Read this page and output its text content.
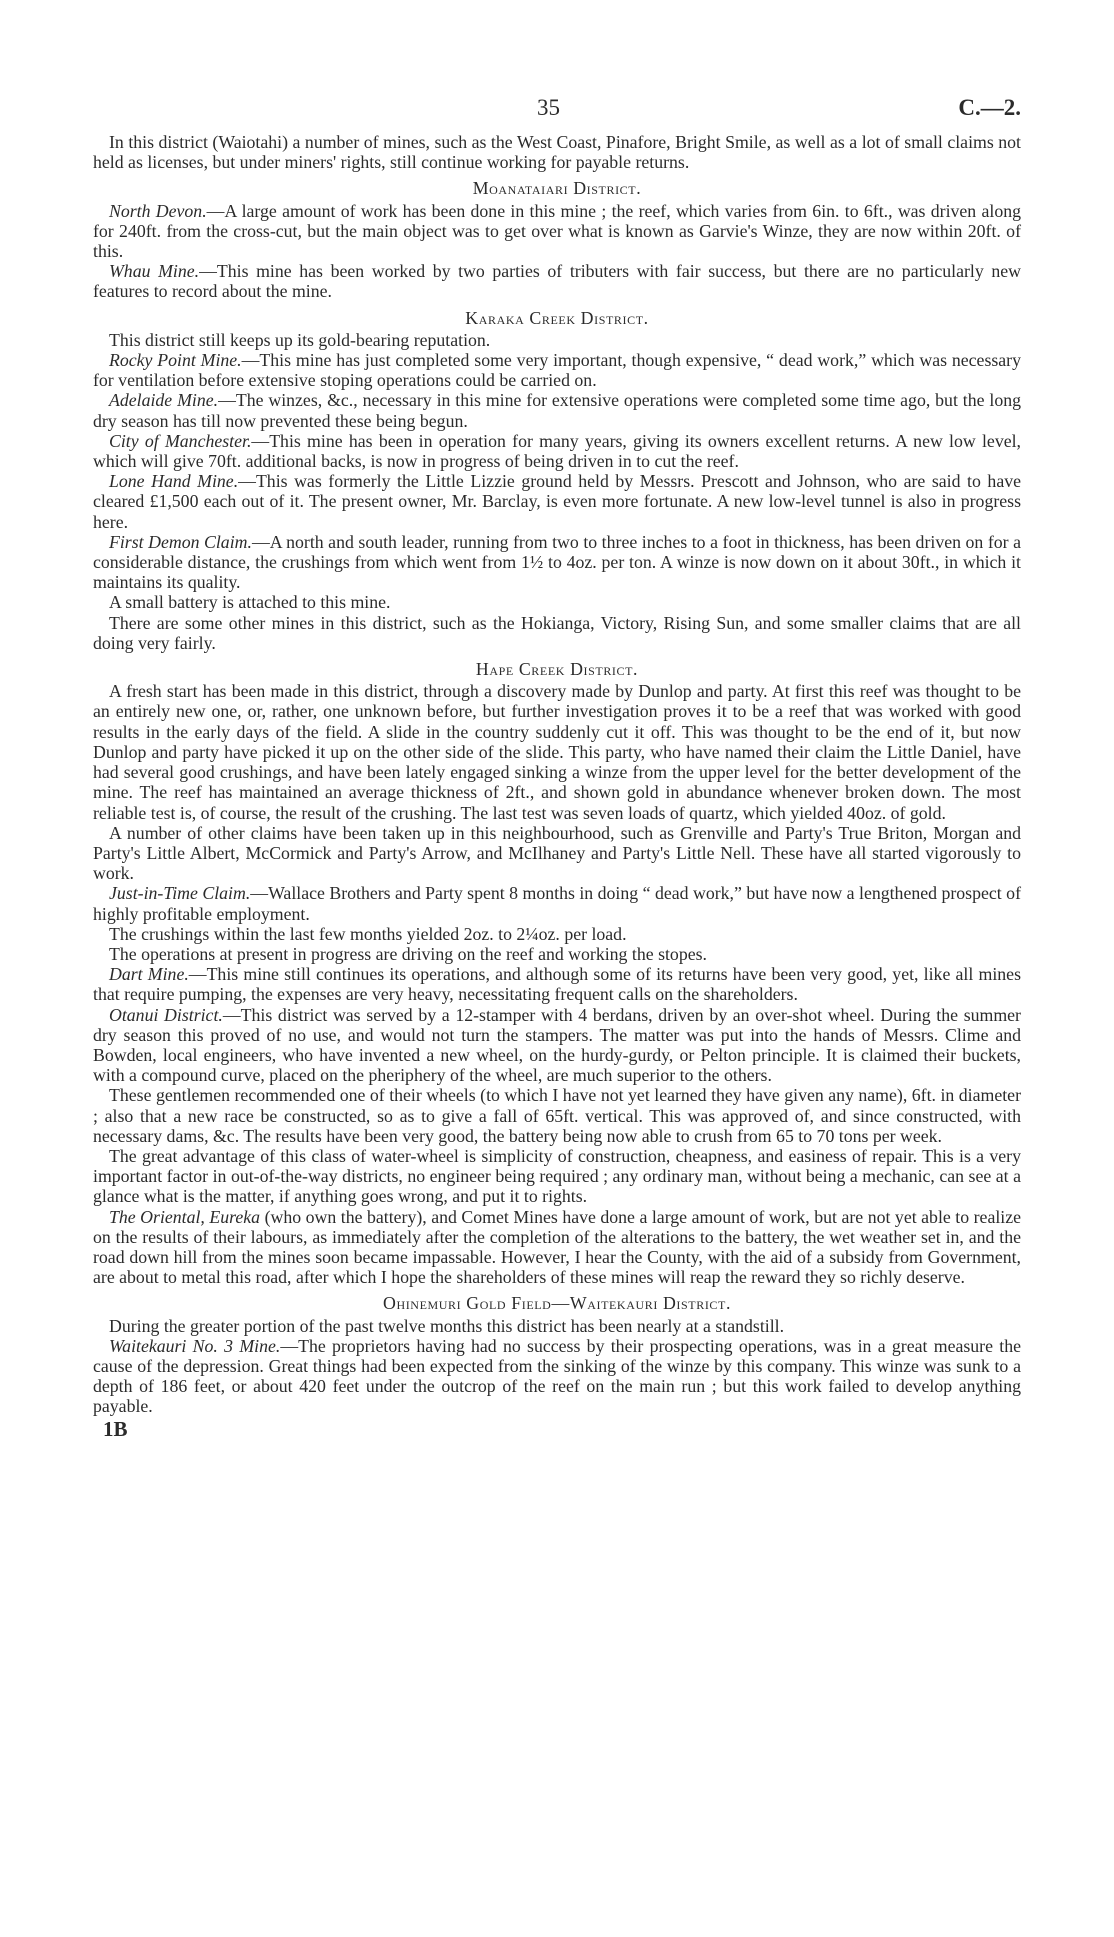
35	C.—2.

In this district (Waiotahi) a number of mines, such as the West Coast, Pinafore, Bright Smile, as well as a lot of small claims not held as licenses, but under miners' rights, still continue working for payable returns.

Moanataiari District.

North Devon.—A large amount of work has been done in this mine ; the reef, which varies from 6in. to 6ft., was driven along for 240ft. from the cross-cut, but the main object was to get over what is known as Garvie's Winze, they are now within 20ft. of this.

Whau Mine.—This mine has been worked by two parties of tributers with fair success, but there are no particularly new features to record about the mine.

Karaka Creek District.

This district still keeps up its gold-bearing reputation.

Rocky Point Mine.—This mine has just completed some very important, though expensive, “ dead work,” which was necessary for ventilation before extensive stoping operations could be carried on.

Adelaide Mine.—The winzes, &c., necessary in this mine for extensive operations were completed some time ago, but the long dry season has till now prevented these being begun.

City of Manchester.—This mine has been in operation for many years, giving its owners excellent returns. A new low level, which will give 70ft. additional backs, is now in progress of being driven in to cut the reef.

Lone Hand Mine.—This was formerly the Little Lizzie ground held by Messrs. Prescott and Johnson, who are said to have cleared £1,500 each out of it. The present owner, Mr. Barclay, is even more fortunate. A new low-level tunnel is also in progress here.

First Demon Claim.—A north and south leader, running from two to three inches to a foot in thickness, has been driven on for a considerable distance, the crushings from which went from 1½ to 4oz. per ton. A winze is now down on it about 30ft., in which it maintains its quality.

A small battery is attached to this mine.

There are some other mines in this district, such as the Hokianga, Victory, Rising Sun, and some smaller claims that are all doing very fairly.

Hape Creek District.

A fresh start has been made in this district, through a discovery made by Dunlop and party. At first this reef was thought to be an entirely new one, or, rather, one unknown before, but further investigation proves it to be a reef that was worked with good results in the early days of the field. A slide in the country suddenly cut it off. This was thought to be the end of it, but now Dunlop and party have picked it up on the other side of the slide. This party, who have named their claim the Little Daniel, have had several good crushings, and have been lately engaged sinking a winze from the upper level for the better development of the mine. The reef has maintained an average thickness of 2ft., and shown gold in abundance whenever broken down. The most reliable test is, of course, the result of the crushing. The last test was seven loads of quartz, which yielded 40oz. of gold.

A number of other claims have been taken up in this neighbourhood, such as Grenville and Party's True Briton, Morgan and Party's Little Albert, McCormick and Party's Arrow, and McIlhaney and Party's Little Nell. These have all started vigorously to work.

Just-in-Time Claim.—Wallace Brothers and Party spent 8 months in doing “ dead work,” but have now a lengthened prospect of highly profitable employment.

The crushings within the last few months yielded 2oz. to 2¼oz. per load.

The operations at present in progress are driving on the reef and working the stopes.

Dart Mine.—This mine still continues its operations, and although some of its returns have been very good, yet, like all mines that require pumping, the expenses are very heavy, necessitating frequent calls on the shareholders.

Otanui District.—This district was served by a 12-stamper with 4 berdans, driven by an over-shot wheel. During the summer dry season this proved of no use, and would not turn the stampers. The matter was put into the hands of Messrs. Clime and Bowden, local engineers, who have invented a new wheel, on the hurdy-gurdy, or Pelton principle. It is claimed their buckets, with a compound curve, placed on the pheriphery of the wheel, are much superior to the others.

These gentlemen recommended one of their wheels (to which I have not yet learned they have given any name), 6ft. in diameter ; also that a new race be constructed, so as to give a fall of 65ft. vertical. This was approved of, and since constructed, with necessary dams, &c. The results have been very good, the battery being now able to crush from 65 to 70 tons per week.

The great advantage of this class of water-wheel is simplicity of construction, cheapness, and easiness of repair. This is a very important factor in out-of-the-way districts, no engineer being required ; any ordinary man, without being a mechanic, can see at a glance what is the matter, if anything goes wrong, and put it to rights.

The Oriental, Eureka (who own the battery), and Comet Mines have done a large amount of work, but are not yet able to realize on the results of their labours, as immediately after the completion of the alterations to the battery, the wet weather set in, and the road down hill from the mines soon became impassable. However, I hear the County, with the aid of a subsidy from Government, are about to metal this road, after which I hope the shareholders of these mines will reap the reward they so richly deserve.

Ohinemuri Gold Field—Waitekauri District.

During the greater portion of the past twelve months this district has been nearly at a standstill.

Waitekauri No. 3 Mine.—The proprietors having had no success by their prospecting operations, was in a great measure the cause of the depression. Great things had been expected from the sinking of the winze by this company. This winze was sunk to a depth of 186 feet, or about 420 feet under the outcrop of the reef on the main run ; but this work failed to develop anything payable.

1B
